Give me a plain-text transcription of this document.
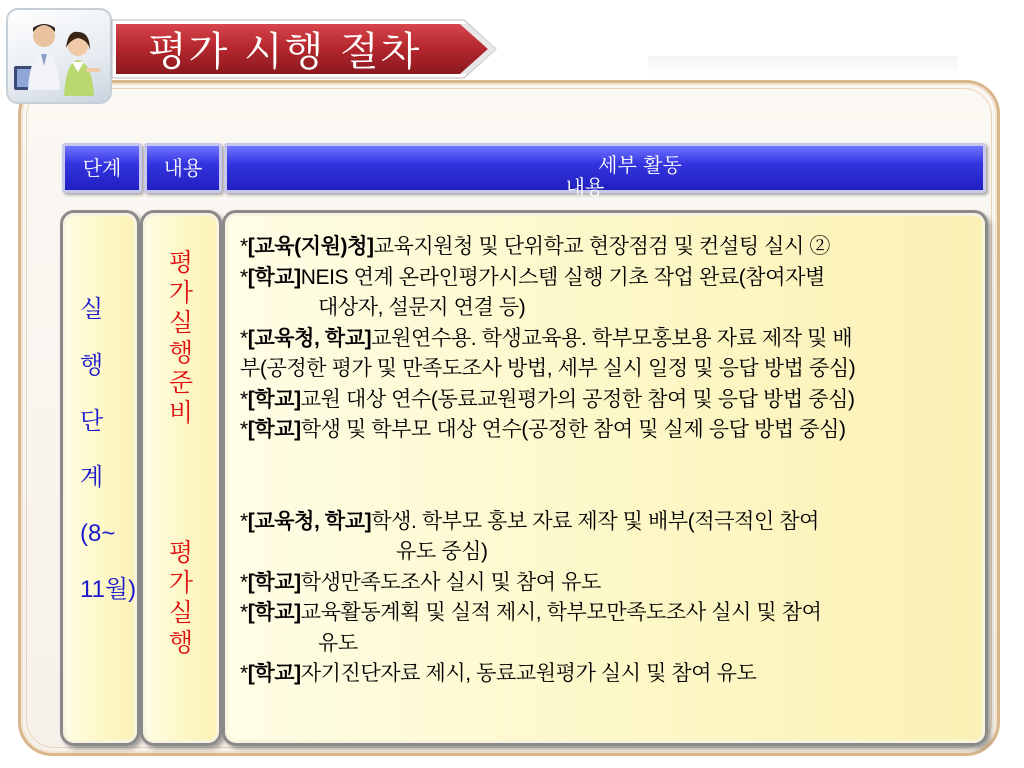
평가 시행 절차
단계	내용	세부 활동
내용
실
행
단
계
(8~
11월)
평
가
실
행
준
비
평
가
실
행
*[교육(지원)청]교육지원청 및 단위학교 현장점검 및 컨설팅 실시 ②
*[학교]NEIS 연계 온라인평가시스템 실행 기초 작업 완료(참여자별
대상자, 설문지 연결 등)
*[교육청, 학교]교원연수용. 학생교육용. 학부모홍보용 자료 제작 및 배
부(공정한 평가 및 만족도조사 방법, 세부 실시 일정 및 응답 방법 중심)
*[학교]교원 대상 연수(동료교원평가의 공정한 참여 및 응답 방법 중심)
*[학교]학생 및 학부모 대상 연수(공정한 참여 및 실제 응답 방법 중심)
*[교육청, 학교]학생. 학부모 홍보 자료 제작 및 배부(적극적인 참여
유도 중심)
*[학교]학생만족도조사 실시 및 참여 유도
*[학교]교육활동계획 및 실적 제시, 학부모만족도조사 실시 및 참여
유도
*[학교]자기진단자료 제시, 동료교원평가 실시 및 참여 유도
